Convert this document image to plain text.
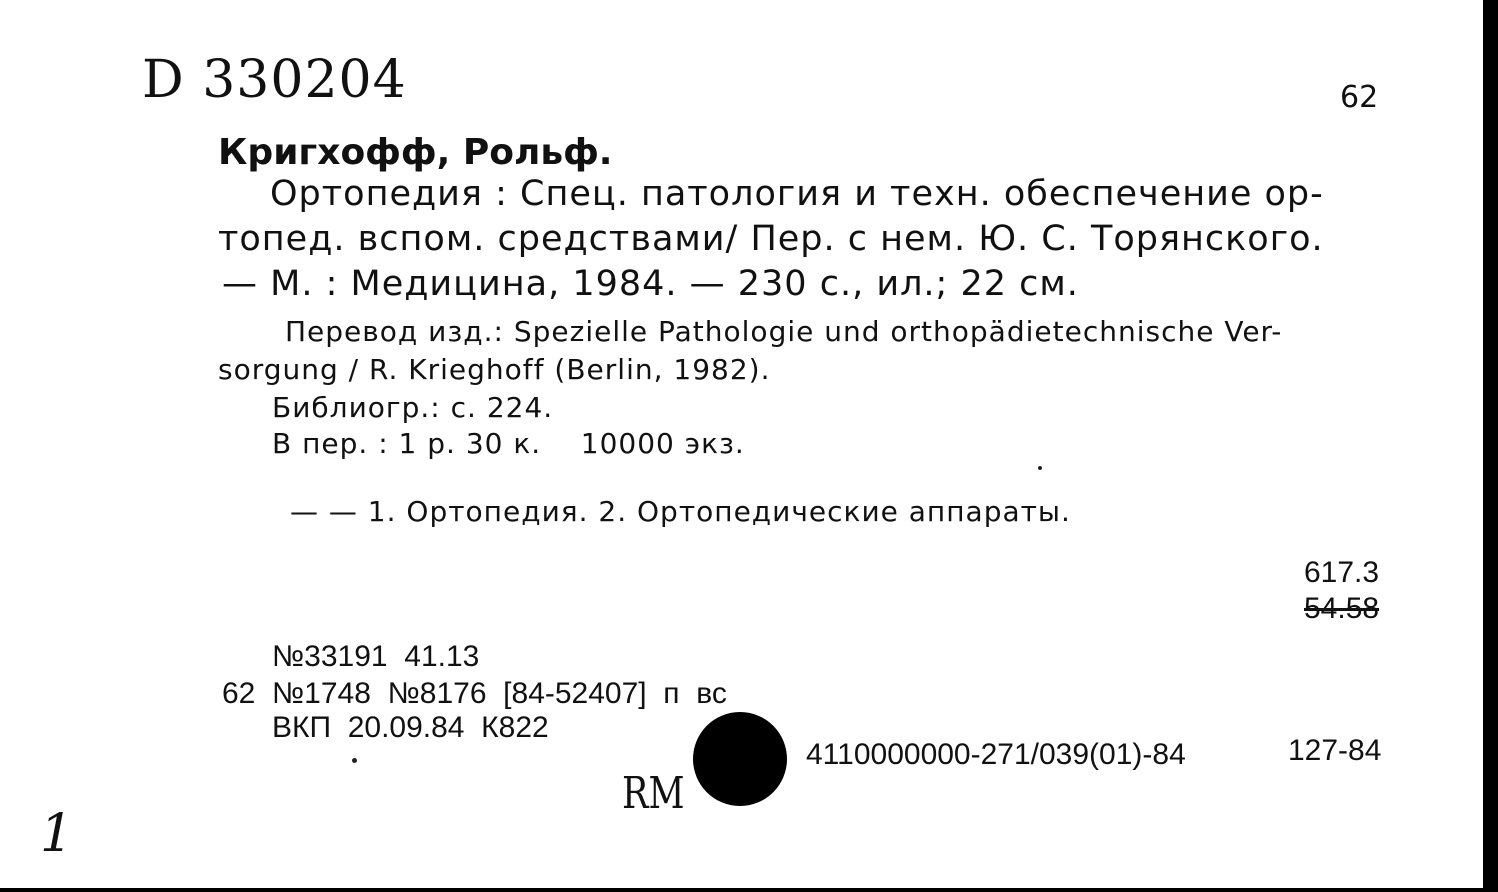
D 330204	62
Кригхофф, Рольф.
Ортопедия : Спец. патология и техн. обеспечение ор-
топед. вспом. средствами/ Пер. с нем. Ю. С. Торянского.
— М. : Медицина, 1984. — 230 с., ил.; 22 см.
Перевод изд.: Spezielle Pathologie und orthopädietechnische Ver-
sorgung / R. Krieghoff (Berlin, 1982).
Библиогр.: с. 224.
В пер. : 1 р. 30 к.    10000 экз.
— — 1. Ортопедия. 2. Ортопедические аппараты.
617.3
54.58
№33191  41.13
62 №1748  №8176  [84-52407]  п  вс
ВКП  20.09.84  К822
RM
4110000000-271/039(01)-84	127-84
1
